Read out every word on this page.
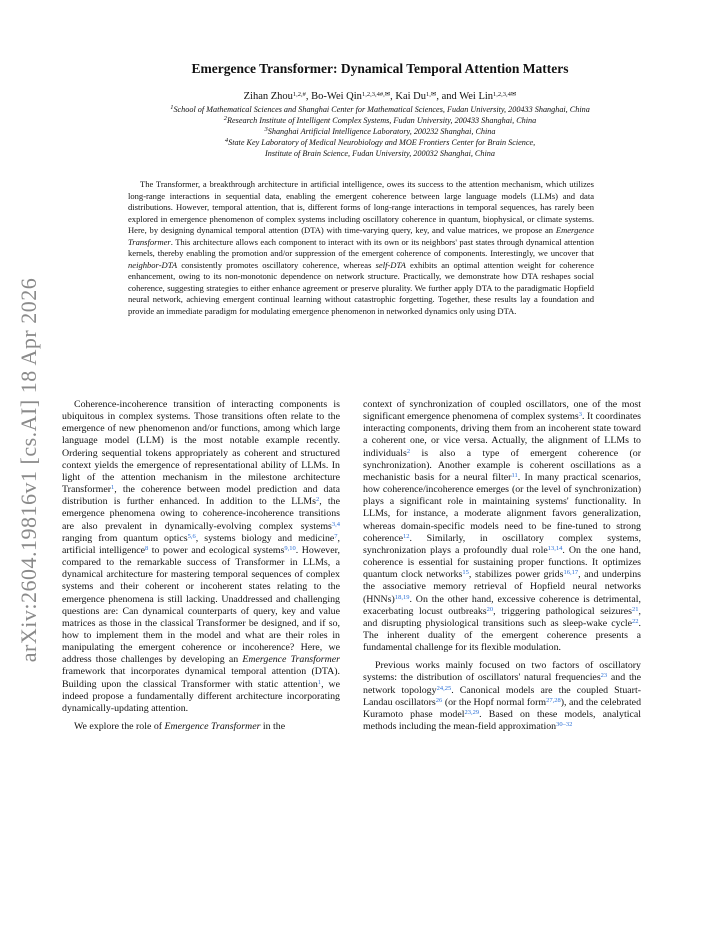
arXiv:2604.19816v1 [cs.AI] 18 Apr 2026
Emergence Transformer: Dynamical Temporal Attention Matters
Zihan Zhou$^{1,2,\#}$, Bo-Wei Qin$^{1,2,3,4\#,✉}$, Kai $Du^{1,✉}$, and Wei Lin$^{1,2,3,4✉}$
$^1$School of Mathematical Sciences and Shanghai Center for Mathematical Sciences, Fudan University, 200433 Shanghai, China
$^2$Research Institute of Intelligent Complex Systems, Fudan University, 200433 Shanghai, China
$^3$Shanghai Artificial Intelligence Laboratory, 200232 Shanghai, China
$^4$State Key Laboratory of Medical Neurobiology and MOE Frontiers Center for Brain Science,
Institute of Brain Science, Fudan University, 200032 Shanghai, China
The Transformer, a breakthrough architecture in artificial intelligence, owes its success to the attention mechanism, which utilizes long-range interactions in sequential data, enabling the emergent coherence between large language models (LLMs) and data distributions. However, temporal attention, that is, different forms of long-range interactions in temporal sequences, has rarely been explored in emergence phenomenon of complex systems including oscillatory coherence in quantum, biophysical, or climate systems. Here, by designing dynamical temporal attention (DTA) with time-varying query, key, and value matrices, we propose an Emergence Transformer. This architecture allows each component to interact with its own or its neighbors' past states through dynamical attention kernels, thereby enabling the promotion and/or suppression of the emergent coherence of components. Interestingly, we uncover that neighbor-DTA consistently promotes oscillatory coherence, whereas self-DTA exhibits an optimal attention weight for coherence enhancement, owing to its non-monotonic dependence on network structure. Practically, we demonstrate how DTA reshapes social coherence, suggesting strategies to either enhance agreement or preserve plurality. We further apply DTA to the paradigmatic Hopfield neural network, achieving emergent continual learning without catastrophic forgetting. Together, these results lay a foundation and provide an immediate paradigm for modulating emergence phenomenon in networked dynamics only using DTA.

Coherence-incoherence transition of interacting components is ubiquitous in complex systems. Those transitions often relate to the emergence of new phenomenon and/or functions, among which large language model (LLM) is the most notable example recently. Ordering sequential tokens appropriately as coherent and structured context yields the emergence of representational ability of LLMs. In light of the attention mechanism in the milestone architecture Transformer$^1$, the coherence between model prediction and data distribution is further enhanced. In addition to the LLMs$^2$, the emergence phenomena owing to coherence-incoherence transitions are also prevalent in dynamically-evolving complex systems$^{3,4}$ ranging from quantum optics$^{5,6}$, systems biology and medicine$^7$, artificial intelligence$^8$ to power and ecological systems$^{9,10}$. However, compared to the remarkable success of Transformer in LLMs, a dynamical architecture for mastering temporal sequences of complex systems and their coherent or incoherent states relating to the emergence phenomena is still lacking. Unaddressed and challenging questions are: Can dynamical counterparts of query, key and value matrices as those in the classical Transformer be designed, and if so, how to implement them in the model and what are their roles in manipulating the emergent coherence or incoherence? Here, we address those challenges by developing an Emergence Transformer framework that incorporates dynamical temporal attention (DTA). Building upon the classical Transformer with static attention$^1$, we indeed propose a fundamentally different architecture incorporating dynamically-updating attention.

We explore the role of Emergence Transformer in the

context of synchronization of coupled oscillators, one of the most significant emergence phenomena of complex systems$^3$. It coordinates interacting components, driving them from an incoherent state toward a coherent one, or vice versa. Actually, the alignment of LLMs to individuals$^2$ is also a type of emergent coherence (or synchronization). Another example is coherent oscillations as a mechanistic basis for a neural filter$^{11}$. In many practical scenarios, how coherence/incoherence emerges (or the level of synchronization) plays a significant role in maintaining systems' functionality. In LLMs, for instance, a moderate alignment favors generalization, whereas domain-specific models need to be fine-tuned to strong coherence$^{12}$. Similarly, in oscillatory complex systems, synchronization plays a profoundly dual role$^{13,14}$. On the one hand, coherence is essential for sustaining proper functions. It optimizes quantum clock networks$^{15}$, stabilizes power grids$^{16,17}$, and underpins the associative memory retrieval of Hopfield neural networks (HNNs)$^{18,19}$. On the other hand, excessive coherence is detrimental, exacerbating locust outbreaks$^{20}$, triggering pathological seizures$^{21}$, and disrupting physiological transitions such as sleep-wake cycle$^{22}$. The inherent duality of the emergent coherence presents a fundamental challenge for its flexible modulation.

Previous works mainly focused on two factors of oscillatory systems: the distribution of oscillators' natural frequencies$^{23}$ and the network topology$^{24,25}$. Canonical models are the coupled Stuart-Landau oscillators$^{26}$ (or the Hopf normal form$^{27,28}$), and the celebrated Kuramoto phase model$^{23,29}$. Based on these models, analytical methods including the mean-field approximation$^{30-32}$
